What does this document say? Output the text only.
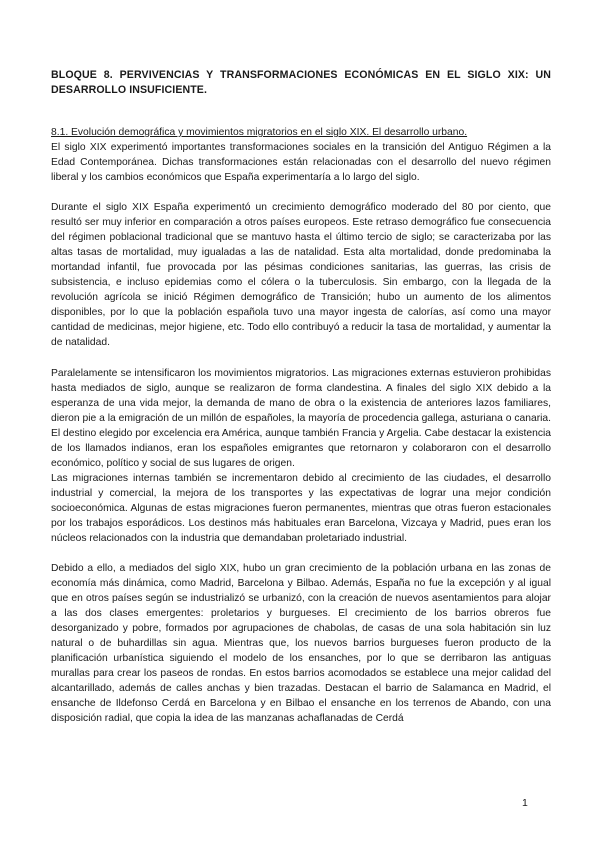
BLOQUE 8. PERVIVENCIAS Y TRANSFORMACIONES ECONÓMICAS EN EL SIGLO XIX: UN DESARROLLO INSUFICIENTE.
8.1. Evolución demográfica y movimientos migratorios en el siglo XIX. El desarrollo urbano.

El siglo XIX experimentó importantes transformaciones sociales en la transición del Antiguo Régimen a la Edad Contemporánea. Dichas transformaciones están relacionadas con el desarrollo del nuevo régimen liberal y los cambios económicos que España experimentaría a lo largo del siglo.

Durante el siglo XIX España experimentó un crecimiento demográfico moderado del 80 por ciento, que resultó ser muy inferior en comparación a otros países europeos. Este retraso demográfico fue consecuencia del régimen poblacional tradicional que se mantuvo hasta el último tercio de siglo; se caracterizaba por las altas tasas de mortalidad, muy igualadas a las de natalidad. Esta alta mortalidad, donde predominaba la mortandad infantil, fue provocada por las pésimas condiciones sanitarias, las guerras, las crisis de subsistencia, e incluso epidemias como el cólera o la tuberculosis. Sin embargo, con la llegada de la revolución agrícola se inició Régimen demográfico de Transición; hubo un aumento de los alimentos disponibles, por lo que la población española tuvo una mayor ingesta de calorías, así como una mayor cantidad de medicinas, mejor higiene, etc. Todo ello contribuyó a reducir la tasa de mortalidad, y aumentar la de natalidad.

Paralelamente se intensificaron los movimientos migratorios. Las migraciones externas estuvieron prohibidas hasta mediados de siglo, aunque se realizaron de forma clandestina. A finales del siglo XIX debido a la esperanza de una vida mejor, la demanda de mano de obra o la existencia de anteriores lazos familiares, dieron pie a la emigración de un millón de españoles, la mayoría de procedencia gallega, asturiana o canaria. El destino elegido por excelencia era América, aunque también Francia y Argelia. Cabe destacar la existencia de los llamados indianos, eran los españoles emigrantes que retornaron y colaboraron con el desarrollo económico, político y social de sus lugares de origen.

Las migraciones internas también se incrementaron debido al crecimiento de las ciudades, el desarrollo industrial y comercial, la mejora de los transportes y las expectativas de lograr una mejor condición socioeconómica. Algunas de estas migraciones fueron permanentes, mientras que otras fueron estacionales por los trabajos esporádicos. Los destinos más habituales eran Barcelona, Vizcaya y Madrid, pues eran los núcleos relacionados con la industria que demandaban proletariado industrial.

Debido a ello, a mediados del siglo XIX, hubo un gran crecimiento de la población urbana en las zonas de economía más dinámica, como Madrid, Barcelona y Bilbao. Además, España no fue la excepción y al igual que en otros países según se industrializó se urbanizó, con la creación de nuevos asentamientos para alojar a las dos clases emergentes: proletarios y burgueses. El crecimiento de los barrios obreros fue desorganizado y pobre, formados por agrupaciones de chabolas, de casas de una sola habitación sin luz natural o de buhardillas sin agua. Mientras que, los nuevos barrios burgueses fueron producto de la planificación urbanística siguiendo el modelo de los ensanches, por lo que se derribaron las antiguas murallas para crear los paseos de rondas. En estos barrios acomodados se establece una mejor calidad del alcantarillado, además de calles anchas y bien trazadas. Destacan el barrio de Salamanca en Madrid, el ensanche de Ildefonso Cerdá en Barcelona y en Bilbao el ensanche en los terrenos de Abando, con una disposición radial, que copia la idea de las manzanas achaflanadas de Cerdá

1
